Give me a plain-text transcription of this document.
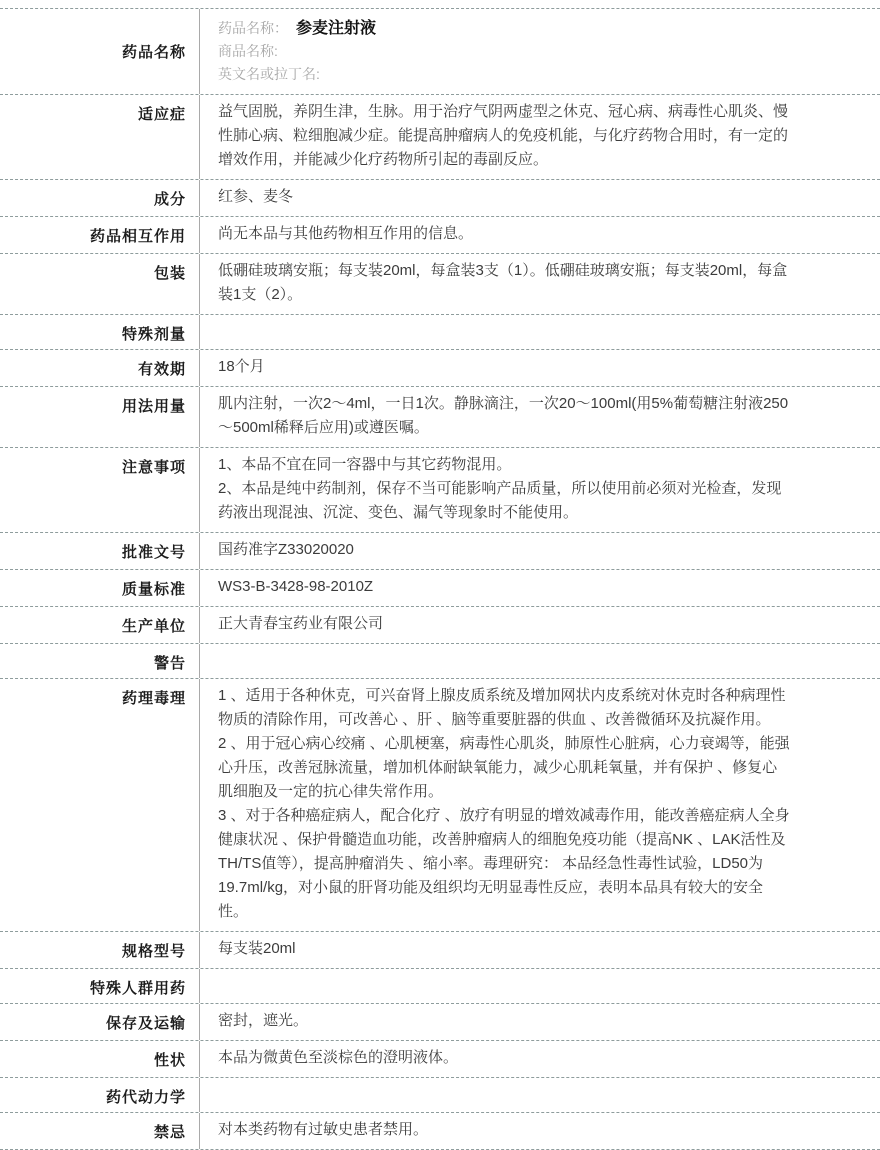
药品名称
药品名称： 参麦注射液
商品名称:
英文名或拉丁名:
适应症	益气固脱，养阴生津，生脉。用于治疗气阴两虚型之休克、冠心病、病毒性心肌炎、慢性肺心病、粒细胞减少症。能提高肿瘤病人的免疫机能，与化疗药物合用时，有一定的增效作用，并能减少化疗药物所引起的毒副反应。

成分	红参、麦冬

药品相互作用	尚无本品与其他药物相互作用的信息。

包装	低硼硅玻璃安瓶；每支装20ml，每盒装3支（1）。低硼硅玻璃安瓶；每支装20ml，每盒装1支（2）。

特殊剂量

有效期	18个月

用法用量	肌内注射，一次2～4ml，一日1次。静脉滴注，一次20～100ml(用5%葡萄糖注射液250～500ml稀释后应用)或遵医嘱。

注意事项	1、本品不宜在同一容器中与其它药物混用。

2、本品是纯中药制剂，保存不当可能影响产品质量，所以使用前必须对光检查，发现药液出现混浊、沉淀、变色、漏气等现象时不能使用。

批准文号	国药准字Z33020020

质量标准	WS3-B-3428-98-2010Z

生产单位	正大青春宝药业有限公司

警告

药理毒理	1 、适用于各种休克，可兴奋肾上腺皮质系统及增加网状内皮系统对休克时各种病理性物质的清除作用，可改善心 、肝 、脑等重要脏器的供血 、改善微循环及抗凝作用。

2 、用于冠心病心绞痛 、心肌梗塞，病毒性心肌炎，肺原性心脏病，心力衰竭等，能强心升压，改善冠脉流量，增加机体耐缺氧能力，减少心肌耗氧量，并有保护 、修复心肌细胞及一定的抗心律失常作用。

3 、对于各种癌症病人，配合化疗 、放疗有明显的增效减毒作用，能改善癌症病人全身健康状况 、保护骨髓造血功能，改善肿瘤病人的细胞免疫功能（提高NK 、LAK活性及TH/TS值等），提高肿瘤消失 、缩小率。毒理研究： 本品经急性毒性试验，LD50为19.7ml/kg，对小鼠的肝肾功能及组织均无明显毒性反应，表明本品具有较大的安全性。

规格型号	每支装20ml

特殊人群用药

保存及运输	密封，遮光。

性状	本品为微黄色至淡棕色的澄明液体。

药代动力学

禁忌	对本类药物有过敏史患者禁用。
